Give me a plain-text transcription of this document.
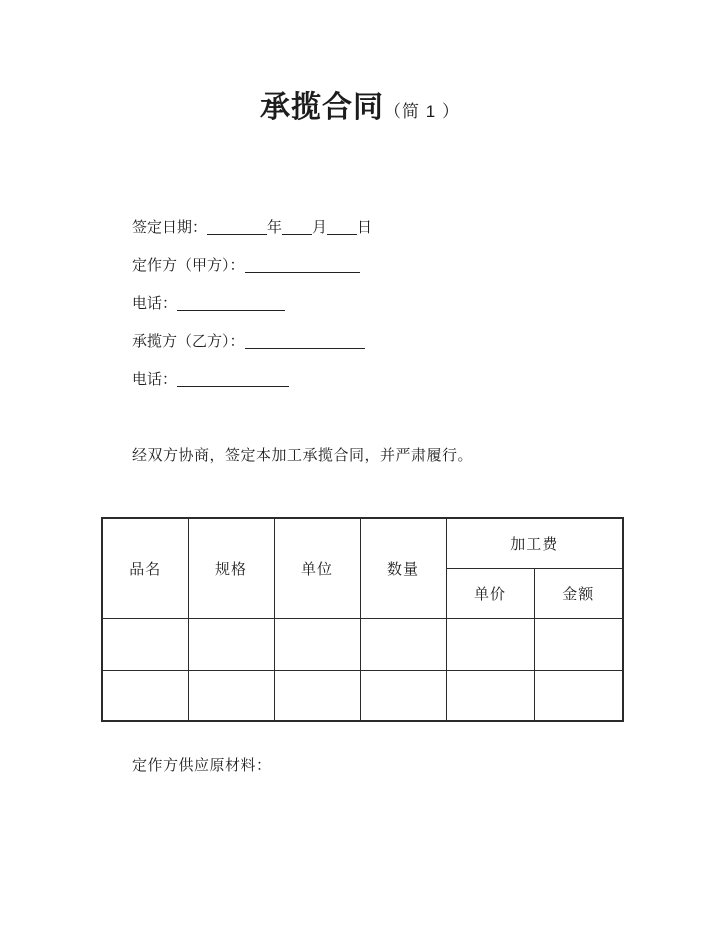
承揽合同（简 1 ）
签定日期：	年 月 日
定作方（甲方）：
电话：
承揽方（乙方）：
电话：
经双方协商，签定本加工承揽合同，并严肃履行。
品名	规格	单位	数量	加工费	
				单价	金额

定作方供应原材料：
